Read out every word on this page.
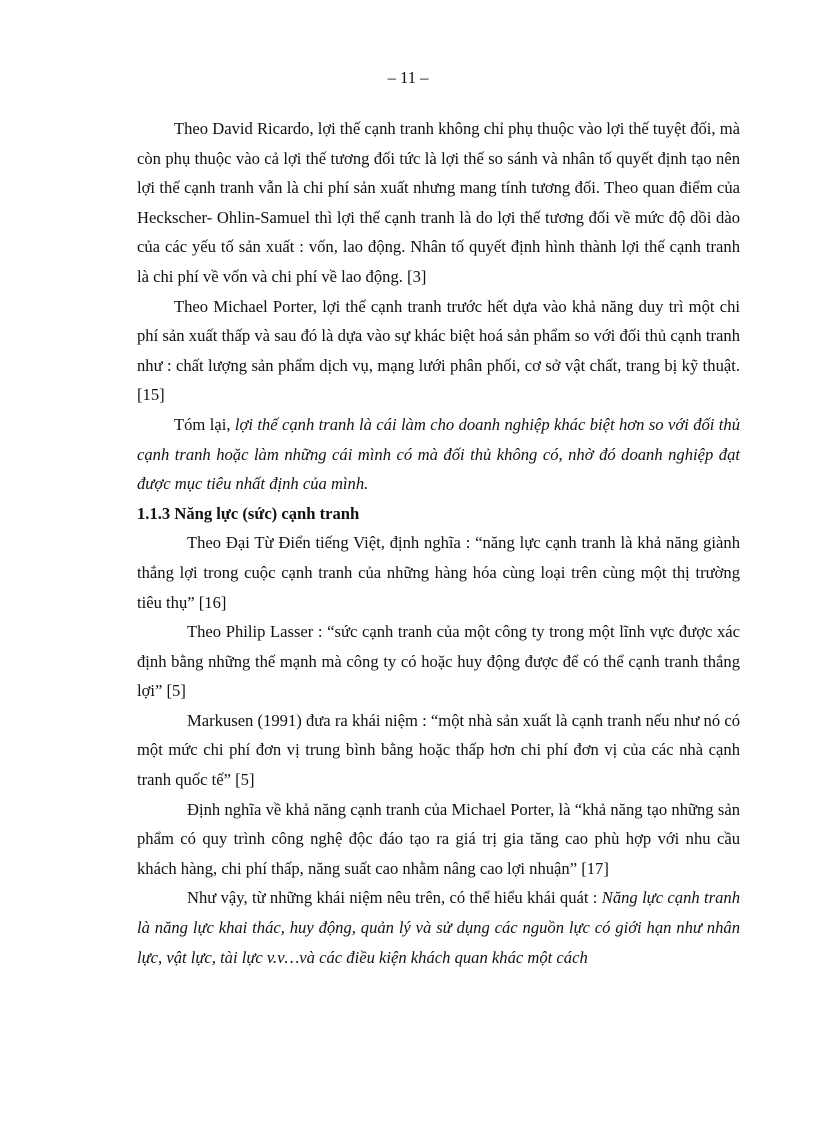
– 11 –

Theo David Ricardo, lợi thế cạnh tranh không chỉ phụ thuộc vào lợi thế tuyệt đối, mà còn phụ thuộc vào cả lợi thế tương đối tức là lợi thế so sánh và nhân tố quyết định tạo nên lợi thế cạnh tranh vẫn là chi phí sản xuất nhưng mang tính tương đối. Theo quan điểm của Heckscher- Ohlin-Samuel thì lợi thế cạnh tranh là do lợi thế tương đối về mức độ dồi dào của các yếu tố sản xuất : vốn, lao động. Nhân tố quyết định hình thành lợi thế cạnh tranh là chi phí về vốn và chi phí về lao động. [3]

Theo Michael Porter, lợi thế cạnh tranh trước hết dựa vào khả năng duy trì một chi phí sản xuất thấp và sau đó là dựa vào sự khác biệt hoá sản phẩm so với đối thủ cạnh tranh như : chất lượng sản phẩm dịch vụ, mạng lưới phân phối, cơ sở vật chất, trang bị kỹ thuật. [15]

Tóm lại, lợi thế cạnh tranh là cái làm cho doanh nghiệp khác biệt hơn so với đối thủ cạnh tranh hoặc làm những cái mình có mà đối thủ không có, nhờ đó doanh nghiệp đạt được mục tiêu nhất định của mình.

1.1.3 Năng lực (sức) cạnh tranh

Theo Đại Từ Điển tiếng Việt, định nghĩa : “năng lực cạnh tranh là khả năng giành thắng lợi trong cuộc cạnh tranh của những hàng hóa cùng loại trên cùng một thị trường tiêu thụ” [16]

Theo Philip Lasser : “sức cạnh tranh của một công ty trong một lĩnh vực được xác định bằng những thế mạnh mà công ty có hoặc huy động được để có thể cạnh tranh thắng lợi” [5]

Markusen (1991) đưa ra khái niệm : “một nhà sản xuất là cạnh tranh nếu như nó có một mức chi phí đơn vị trung bình bằng hoặc thấp hơn chi phí đơn vị của các nhà cạnh tranh quốc tế” [5]

Định nghĩa về khả năng cạnh tranh của Michael Porter, là “khả năng tạo những sản phẩm có quy trình công nghệ độc đáo tạo ra giá trị gia tăng cao phù hợp với nhu cầu khách hàng, chi phí thấp, năng suất cao nhằm nâng cao lợi nhuận” [17]

Như vậy, từ những khái niệm nêu trên, có thể hiểu khái quát : Năng lực cạnh tranh là năng lực khai thác, huy động, quản lý và sử dụng các nguồn lực có giới hạn như nhân lực, vật lực, tài lực v.v…và các điều kiện khách quan khác một cách
